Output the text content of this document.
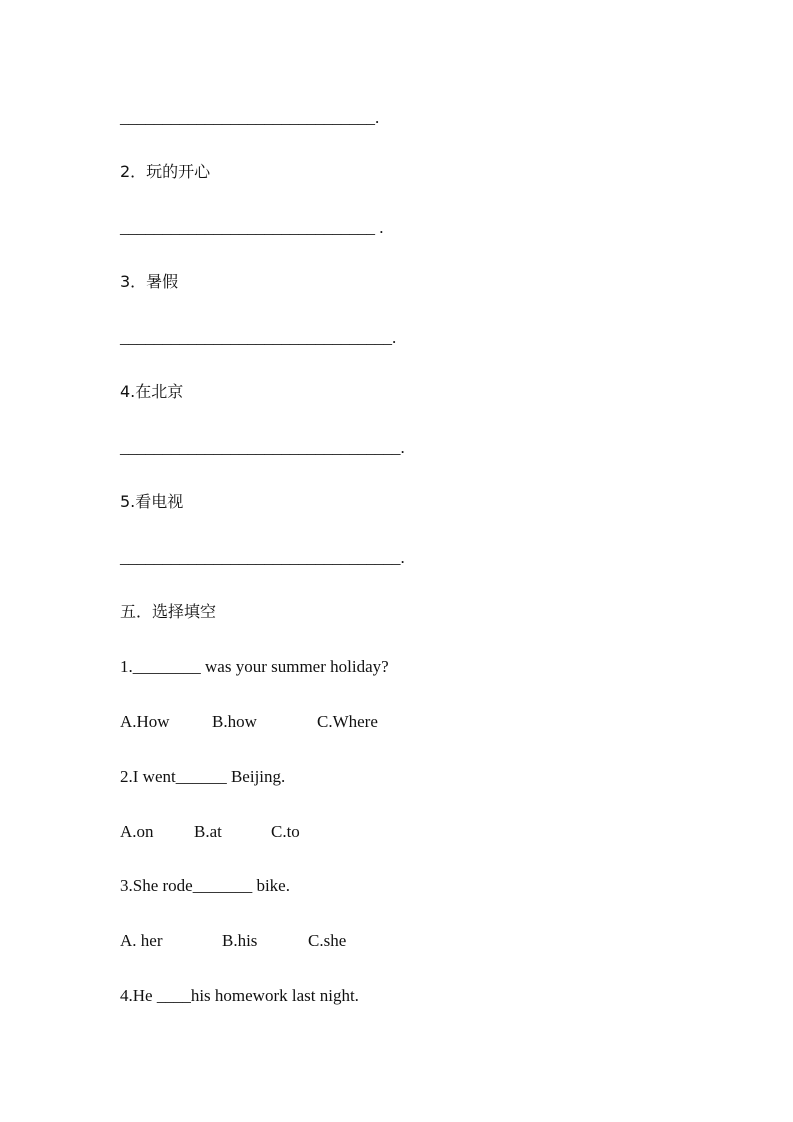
______________________________.
2．玩的开心
______________________________ .
3．暑假
________________________________.
4.在北京
_________________________________.
5.看电视
_________________________________.
五．选择填空
1.________ was your summer holiday?

A.How

B.how

	C.Where

2.I went______ Beijing.

A.on

B.at

	C.to

3.She rode_______ bike.

A. her

	B.his

	C.she

4.He ____his homework last night.
